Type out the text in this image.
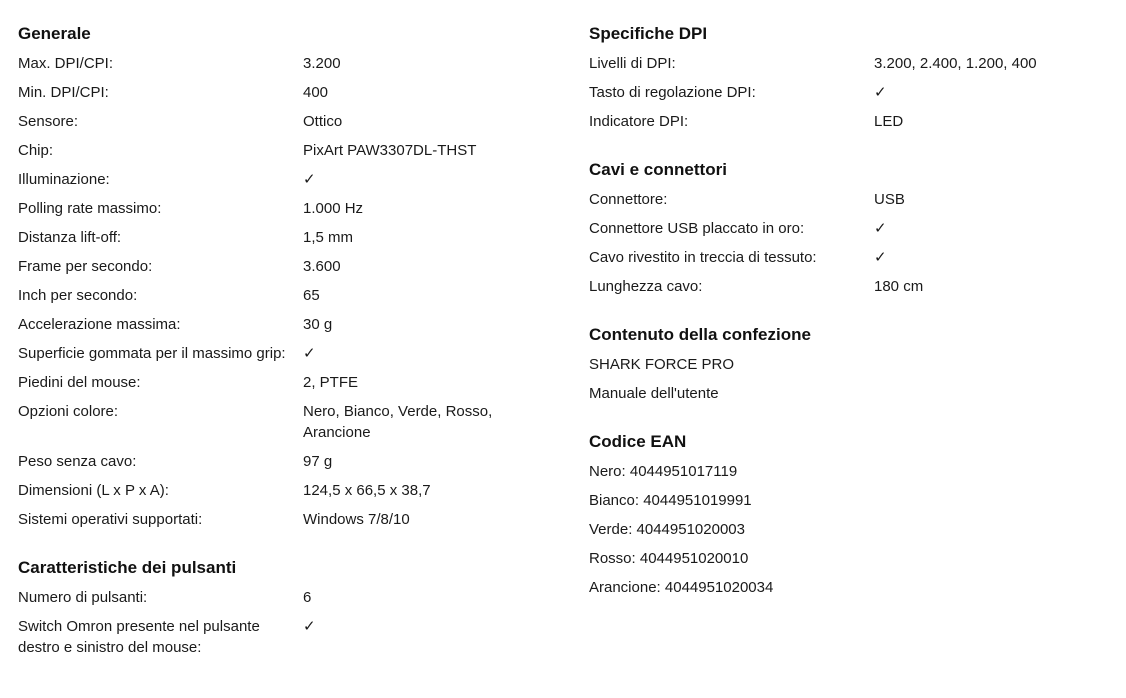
Generale
Max. DPI/CPI:	3.200
Min. DPI/CPI:	400
Sensore:	Ottico
Chip:	PixArt PAW3307DL-THST
Illuminazione:	✓
Polling rate massimo:	1.000 Hz
Distanza lift-off:	1,5 mm
Frame per secondo:	3.600
Inch per secondo:	65
Accelerazione massima:	30 g
Superficie gommata per il massimo grip:	✓
Piedini del mouse:	2, PTFE
Opzioni colore:	Nero, Bianco, Verde, Rosso, Arancione
Peso senza cavo:	97 g
Dimensioni (L x P x A):	124,5 x 66,5 x 38,7
Sistemi operativi supportati:	Windows 7/8/10
Caratteristiche dei pulsanti
Numero di pulsanti:	6
Switch Omron presente nel pulsante destro e sinistro del mouse:
✓
Specifiche DPI
Livelli di DPI:	3.200, 2.400, 1.200, 400
Tasto di regolazione DPI:	✓
Indicatore DPI:	LED
Cavi e connettori
Connettore:	USB
Connettore USB placcato in oro:	✓
Cavo rivestito in treccia di tessuto:	✓
Lunghezza cavo:	180 cm
Contenuto della confezione
SHARK FORCE PRO
Manuale dell'utente
Codice EAN
Nero: 4044951017119
Bianco: 4044951019991
Verde: 4044951020003
Rosso: 4044951020010
Arancione: 4044951020034
